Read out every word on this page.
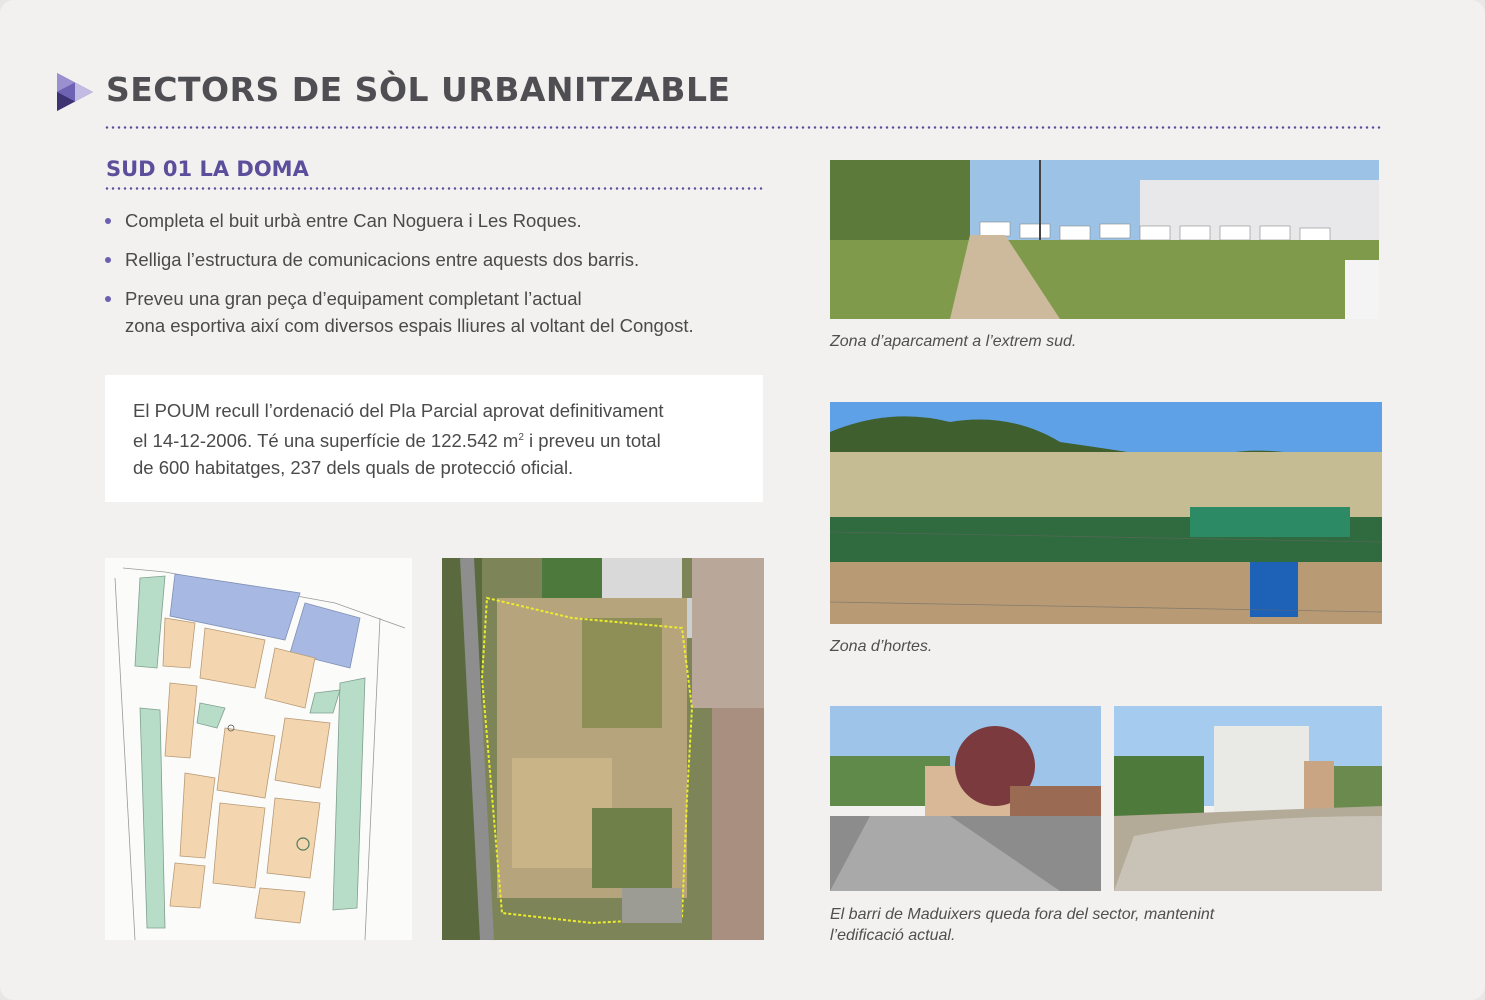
SECTORS DE SÒL URBANITZABLE
SUD 01 LA DOMA
Completa el buit urbà entre Can Noguera i Les Roques.
Relliga l’estructura de comunicacions entre aquests dos barris.
Preveu una gran peça d’equipament completant l’actual
zona esportiva així com diversos espais lliures al voltant del Congost.

El POUM recull l’ordenació del Pla Parcial aprovat definitivament

el 14-12-2006. Té una superfície de 122.542 $m^2$ i preveu un total

de 600 habitatges, 237 dels quals de protecció oficial.

Zona d’aparcament a l’extrem sud.
Zona d’hortes.
El barri de Maduixers queda fora del sector, mantenint
l’edificació actual.
